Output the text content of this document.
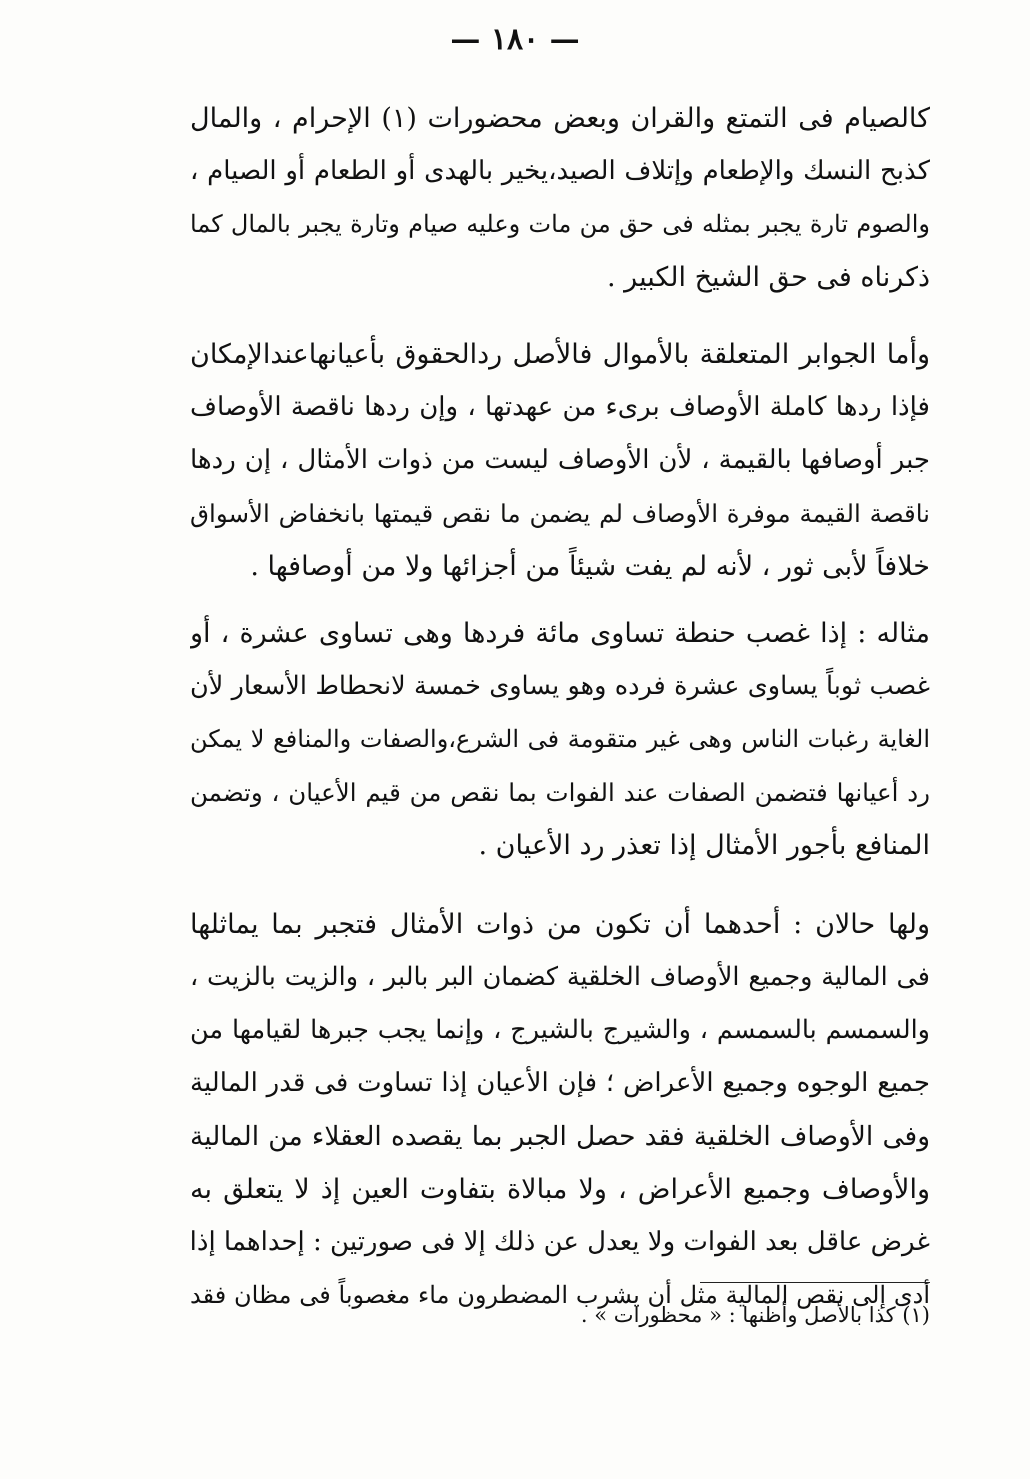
— ١٨٠ —
كالصيام فى التمتع والقران وبعض محضورات (١) الإحرام ، والمال
كذبح النسك والإطعام وإتلاف الصيد،يخير بالهدى أو الطعام أو الصيام ،
والصوم تارة يجبر بمثله فى حق من مات وعليه صيام وتارة يجبر بالمال كما
ذكرناه فى حق الشيخ الكبير .
وأما الجوابر المتعلقة بالأموال فالأصل ردالحقوق بأعيانهاعندالإمكان
فإذا ردها كاملة الأوصاف برىء من عهدتها ، وإن ردها ناقصة الأوصاف
جبر أوصافها بالقيمة ، لأن الأوصاف ليست من ذوات الأمثال ، إن ردها
ناقصة القيمة موفرة الأوصاف لم يضمن ما نقص قيمتها بانخفاض الأسواق
خلافاً لأبى ثور ، لأنه لم يفت شيئاً من أجزائها ولا من أوصافها .
مثاله : إذا غصب حنطة تساوى مائة فردها وهى تساوى عشرة ، أو
غصب ثوباً يساوى عشرة فرده وهو يساوى خمسة لانحطاط الأسعار لأن
الغاية رغبات الناس وهى غير متقومة فى الشرع،والصفات والمنافع لا يمكن
رد أعيانها فتضمن الصفات عند الفوات بما نقص من قيم الأعيان ، وتضمن
المنافع بأجور الأمثال إذا تعذر رد الأعيان .
ولها حالان : أحدهما أن تكون من ذوات الأمثال فتجبر بما يماثلها
فى المالية وجميع الأوصاف الخلقية كضمان البر بالبر ، والزيت بالزيت ،
والسمسم بالسمسم ، والشيرج بالشيرج ، وإنما يجب جبرها لقيامها من
جميع الوجوه وجميع الأعراض ؛ فإن الأعيان إذا تساوت فى قدر المالية
وفى الأوصاف الخلقية فقد حصل الجبر بما يقصده العقلاء من المالية
والأوصاف وجميع الأعراض ، ولا مبالاة بتفاوت العين إذ لا يتعلق به
غرض عاقل بعد الفوات ولا يعدل عن ذلك إلا فى صورتين : إحداهما إذا
أدى إلى نقص المالية مثل أن يشرب المضطرون ماء مغصوباً فى مظان فقد
(١) كذا بالأصل وأظنها : « محظورات » .
